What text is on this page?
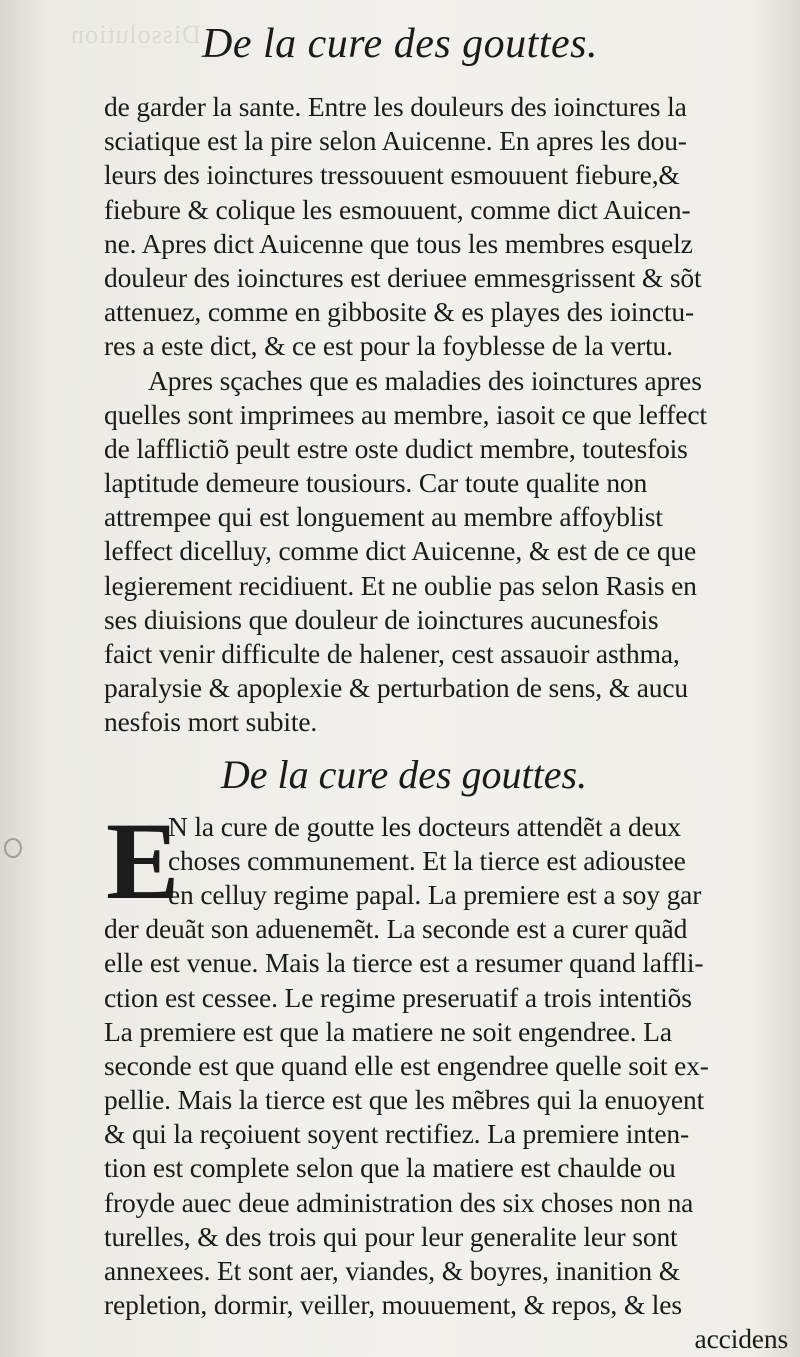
Dissolution De la cure des gouttes.
de garder la sante. Entre les douleurs des ioinctures la
sciatique est la pire selon Auicenne. En apres les dou-
leurs des ioinctures tressouuent esmouuent fiebure,&
fiebure & colique les esmouuent, comme dict Auicen-
ne. Apres dict Auicenne que tous les membres esquelz
douleur des ioinctures est deriuee emmesgrissent & sõt
attenuez, comme en gibbosite & es playes des ioinctu-
res a este dict, & ce est pour la foyblesse de la vertu.
Apres sçaches que es maladies des ioinctures apres
quelles sont imprimees au membre, iasoit ce que leffect
de lafflictiõ peult estre oste dudict membre, toutesfois
laptitude demeure tousiours. Car toute qualite non
attrempee qui est longuement au membre affoyblist
leffect dicelluy, comme dict Auicenne, & est de ce que
legierement recidiuent. Et ne oublie pas selon Rasis en
ses diuisions que douleur de ioinctures aucunesfois
faict venir difficulte de halener, cest assauoir asthma,
paralysie & apoplexie & perturbation de sens, & aucu
nesfois mort subite.
De la cure des gouttes.
E
N la cure de goutte les docteurs attendẽt a deux
choses communement. Et la tierce est adioustee
en celluy regime papal. La premiere est a soy gar
der deuãt son aduenemẽt. La seconde est a curer quãd
elle est venue. Mais la tierce est a resumer quand laffli-
ction est cessee. Le regime preseruatif a trois intentiõs
La premiere est que la matiere ne soit engendree. La
seconde est que quand elle est engendree quelle soit ex-
pellie. Mais la tierce est que les mẽbres qui la enuoyent
& qui la reçoiuent soyent rectifiez. La premiere inten-
tion est complete selon que la matiere est chaulde ou
froyde auec deue administration des six choses non na
turelles, & des trois qui pour leur generalite leur sont
annexees. Et sont aer, viandes, & boyres, inanition &
repletion, dormir, veiller, mouuement, & repos, & les
accidens
